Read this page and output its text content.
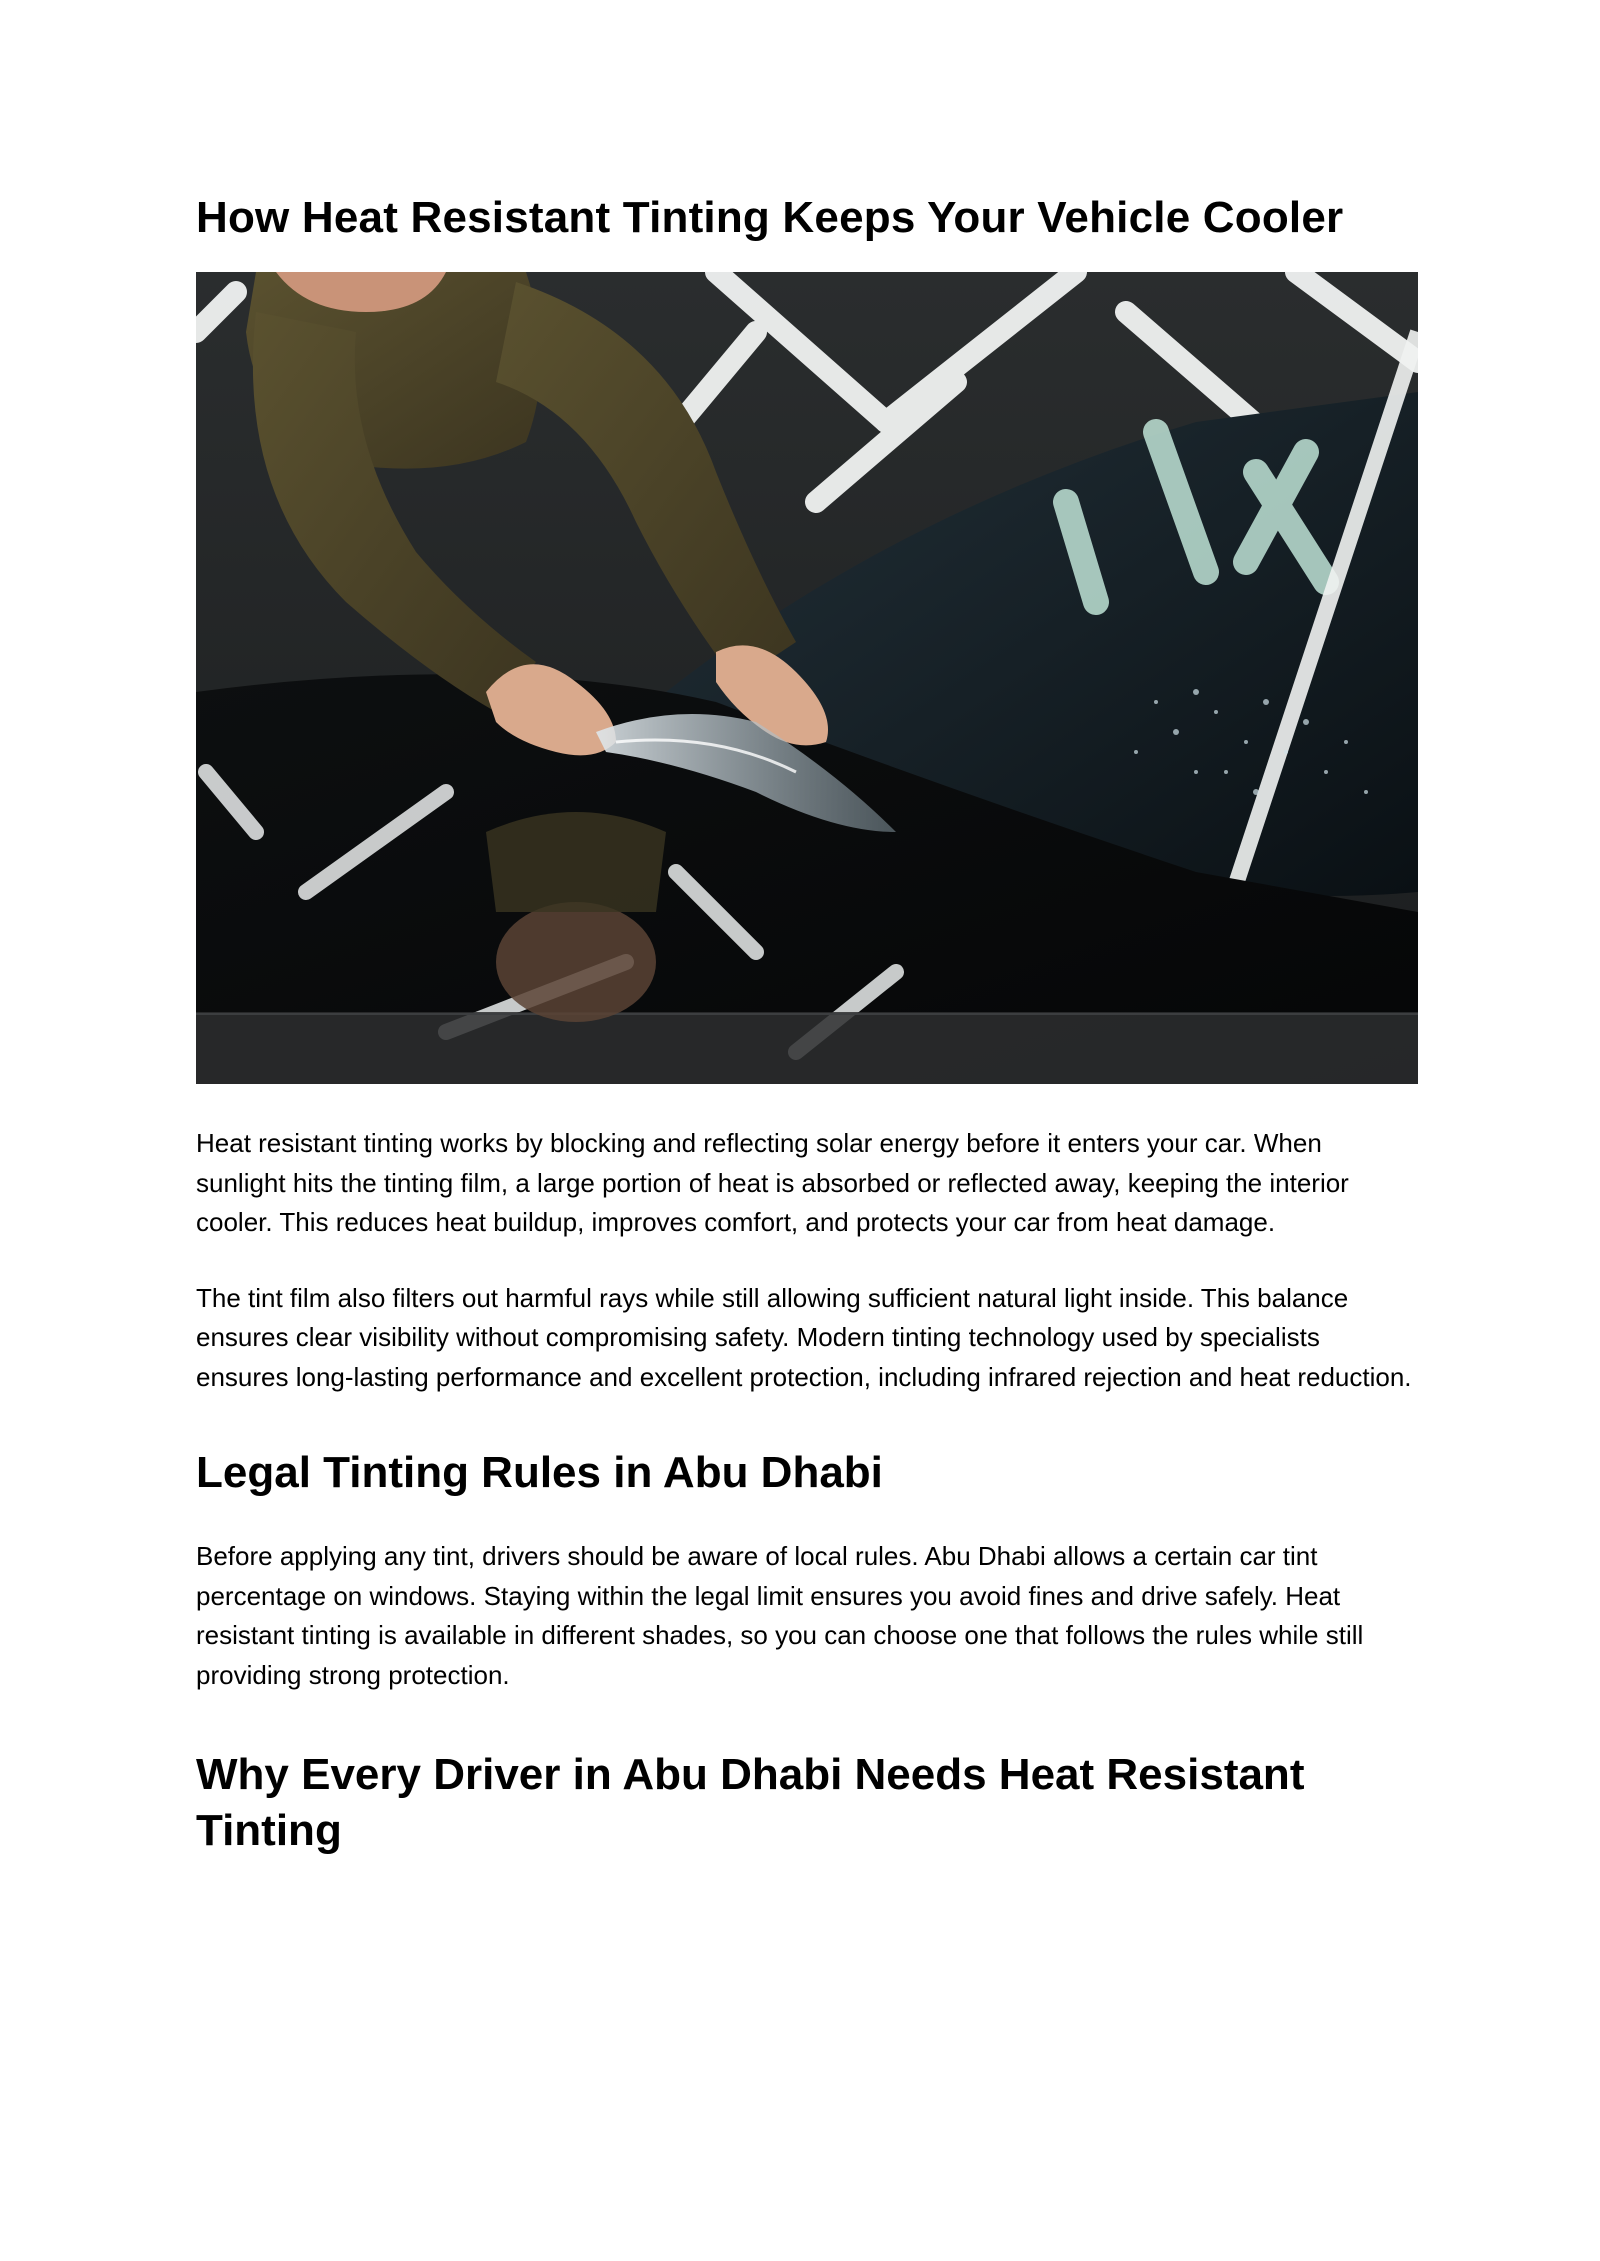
How Heat Resistant Tinting Keeps Your Vehicle Cooler

Heat resistant tinting works by blocking and reflecting solar energy before it enters your car. When sunlight hits the tinting film, a large portion of heat is absorbed or reflected away, keeping the interior cooler. This reduces heat buildup, improves comfort, and protects your car from heat damage.

The tint film also filters out harmful rays while still allowing sufficient natural light inside. This balance ensures clear visibility without compromising safety. Modern tinting technology used by specialists ensures long-lasting performance and excellent protection, including infrared rejection and heat reduction.

Legal Tinting Rules in Abu Dhabi

Before applying any tint, drivers should be aware of local rules. Abu Dhabi allows a certain car tint percentage on windows. Staying within the legal limit ensures you avoid fines and drive safely. Heat resistant tinting is available in different shades, so you can choose one that follows the rules while still providing strong protection.

Why Every Driver in Abu Dhabi Needs Heat Resistant Tinting
